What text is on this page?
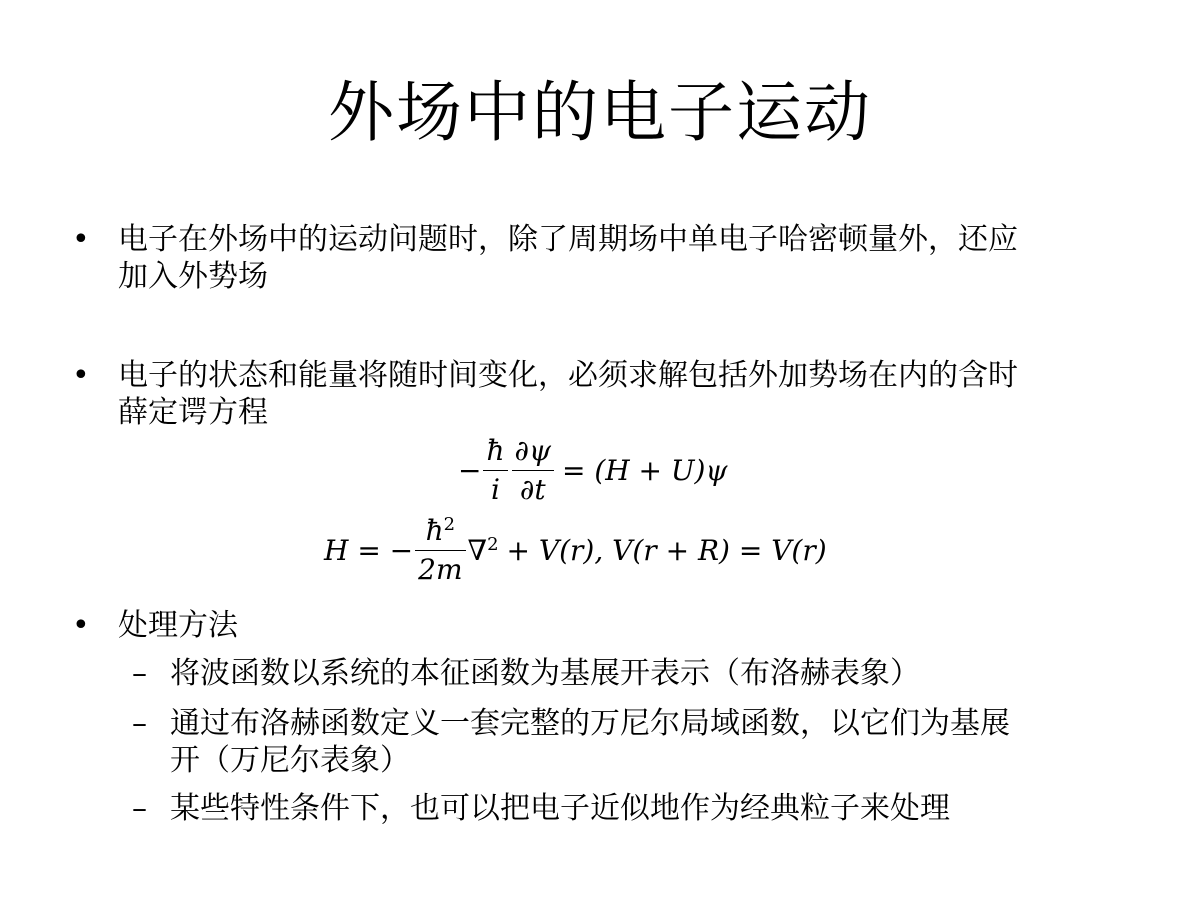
外场中的电子运动
• 电子在外场中的运动问题时，除了周期场中单电子哈密顿量外，还应
加入外势场
• 电子的状态和能量将随时间变化，必须求解包括外加势场在内的含时
薛定谔方程
− $\frac{ħ}{i} \frac{\partial\psi}{\partial t} = (H + U)\psi$
H = − $\frac{ħ^2}{2m} \nabla^2 + V(r)$, V(r + R) = V(r)
• 处理方法
– 将波函数以系统的本征函数为基展开表示（布洛赫表象）
– 通过布洛赫函数定义一套完整的万尼尔局域函数，以它们为基展
开（万尼尔表象）
– 某些特性条件下，也可以把电子近似地作为经典粒子来处理
